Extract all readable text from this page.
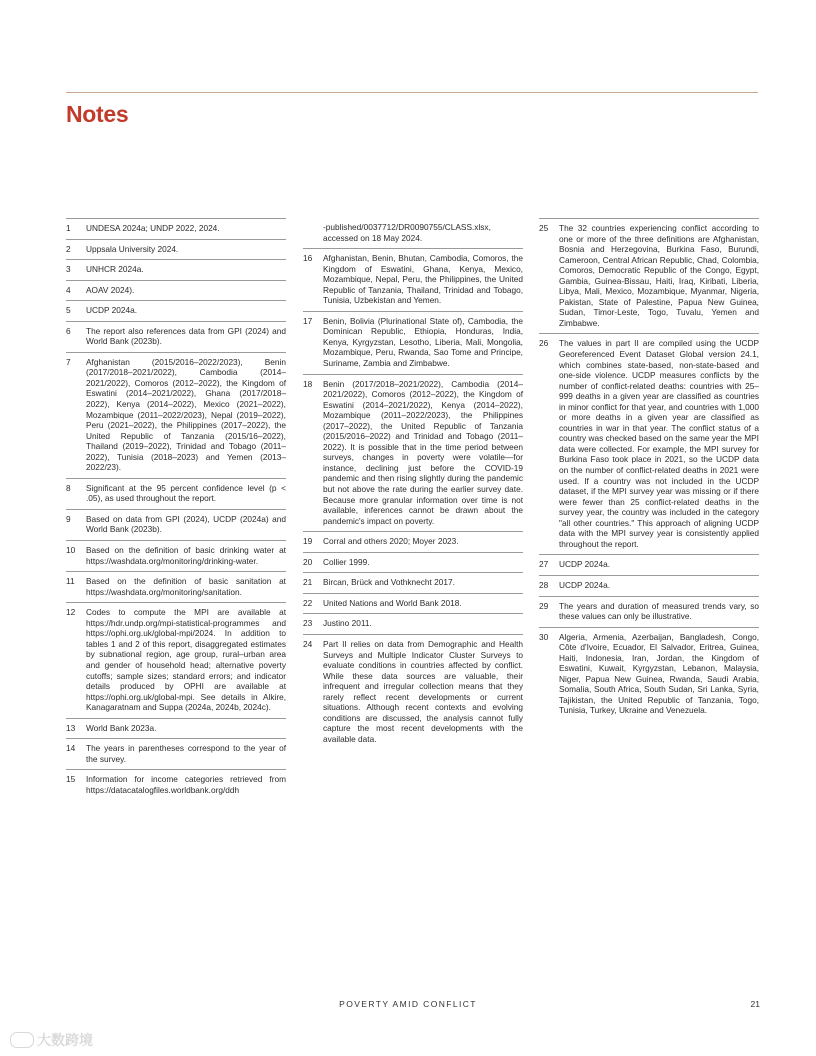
Notes
1	UNDESA 2024a; UNDP 2022, 2024.
2	Uppsala University 2024.
3	UNHCR 2024a.
4	AOAV 2024).
5	UCDP 2024a.
6	The report also references data from GPI (2024) and World Bank (2023b).
7	Afghanistan (2015/2016–2022/2023), Benin (2017/2018–2021/2022), Cambodia (2014–2021/2022), Comoros (2012–2022), the Kingdom of Eswatini (2014–2021/2022), Ghana (2017/2018–2022), Kenya (2014–2022), Mexico (2021–2022), Mozambique (2011–2022/2023), Nepal (2019–2022), Peru (2021–2022), the Philippines (2017–2022), the United Republic of Tanzania (2015/16–2022), Thailand (2019–2022), Trinidad and Tobago (2011–2022), Tunisia (2018–2023) and Yemen (2013–2022/23).
8	Significant at the 95 percent confidence level (p < .05), as used throughout the report.
9	Based on data from GPI (2024), UCDP (2024a) and World Bank (2023b).
10	Based on the definition of basic drinking water at https://washdata.org/monitoring/drinking-water.
11	Based on the definition of basic sanitation at https://washdata.org/monitoring/sanitation.
12	Codes to compute the MPI are available at https://hdr.undp.org/mpi-statistical-programmes and https://ophi.org.uk/global-mpi/2024. In addition to tables 1 and 2 of this report, disaggregated estimates by subnational region, age group, rural–urban area and gender of household head; alternative poverty cutoffs; sample sizes; standard errors; and indicator details produced by OPHI are available at https://ophi.org.uk/global-mpi. See details in Alkire, Kanagaratnam and Suppa (2024a, 2024b, 2024c).
13	World Bank 2023a.
14	The years in parentheses correspond to the year of the survey.
15	Information for income categories retrieved from https://datacatalogfiles.worldbank.org/ddh
-published/0037712/DR0090755/CLASS.xlsx, accessed on 18 May 2024.
16	Afghanistan, Benin, Bhutan, Cambodia, Comoros, the Kingdom of Eswatini, Ghana, Kenya, Mexico, Mozambique, Nepal, Peru, the Philippines, the United Republic of Tanzania, Thailand, Trinidad and Tobago, Tunisia, Uzbekistan and Yemen.
17	Benin, Bolivia (Plurinational State of), Cambodia, the Dominican Republic, Ethiopia, Honduras, India, Kenya, Kyrgyzstan, Lesotho, Liberia, Mali, Mongolia, Mozambique, Peru, Rwanda, Sao Tome and Principe, Suriname, Zambia and Zimbabwe.
18	Benin (2017/2018–2021/2022), Cambodia (2014–2021/2022), Comoros (2012–2022), the Kingdom of Eswatini (2014–2021/2022), Kenya (2014–2022), Mozambique (2011–2022/2023), the Philippines (2017–2022), the United Republic of Tanzania (2015/2016–2022) and Trinidad and Tobago (2011–2022). It is possible that in the time period between surveys, changes in poverty were volatile—for instance, declining just before the COVID-19 pandemic and then rising slightly during the pandemic but not above the rate during the earlier survey date. Because more granular information over time is not available, inferences cannot be drawn about the pandemic's impact on poverty.
19	Corral and others 2020; Moyer 2023.
20	Collier 1999.
21	Bircan, Brück and Vothknecht 2017.
22	United Nations and World Bank 2018.
23	Justino 2011.
24	Part II relies on data from Demographic and Health Surveys and Multiple Indicator Cluster Surveys to evaluate conditions in countries affected by conflict. While these data sources are valuable, their infrequent and irregular collection means that they rarely reflect recent developments or current situations. Although recent contexts and evolving conditions are discussed, the analysis cannot fully capture the most recent developments with the available data.
25	The 32 countries experiencing conflict according to one or more of the three definitions are Afghanistan, Bosnia and Herzegovina, Burkina Faso, Burundi, Cameroon, Central African Republic, Chad, Colombia, Comoros, Democratic Republic of the Congo, Egypt, Gambia, Guinea-Bissau, Haiti, Iraq, Kiribati, Liberia, Libya, Mali, Mexico, Mozambique, Myanmar, Nigeria, Pakistan, State of Palestine, Papua New Guinea, Sudan, Timor-Leste, Togo, Tuvalu, Yemen and Zimbabwe.
26	The values in part II are compiled using the UCDP Georeferenced Event Dataset Global version 24.1, which combines state-based, non-state-based and one-side violence. UCDP measures conflicts by the number of conflict-related deaths: countries with 25–999 deaths in a given year are classified as countries in minor conflict for that year, and countries with 1,000 or more deaths in a given year are classified as countries in war in that year. The conflict status of a country was checked based on the same year the MPI data were collected. For example, the MPI survey for Burkina Faso took place in 2021, so the UCDP data on the number of conflict-related deaths in 2021 were used. If a country was not included in the UCDP dataset, if the MPI survey year was missing or if there were fewer than 25 conflict-related deaths in the survey year, the country was included in the category "all other countries." This approach of aligning UCDP data with the MPI survey year is consistently applied throughout the report.
27	UCDP 2024a.
28	UCDP 2024a.
29	The years and duration of measured trends vary, so these values can only be illustrative.
30	Algeria, Armenia, Azerbaijan, Bangladesh, Congo, Côte d'Ivoire, Ecuador, El Salvador, Eritrea, Guinea, Haiti, Indonesia, Iran, Jordan, the Kingdom of Eswatini, Kuwait, Kyrgyzstan, Lebanon, Malaysia, Niger, Papua New Guinea, Rwanda, Saudi Arabia, Somalia, South Africa, South Sudan, Sri Lanka, Syria, Tajikistan, the United Republic of Tanzania, Togo, Tunisia, Turkey, Ukraine and Venezuela.
POVERTY AMID CONFLICT	21
大数跨境
